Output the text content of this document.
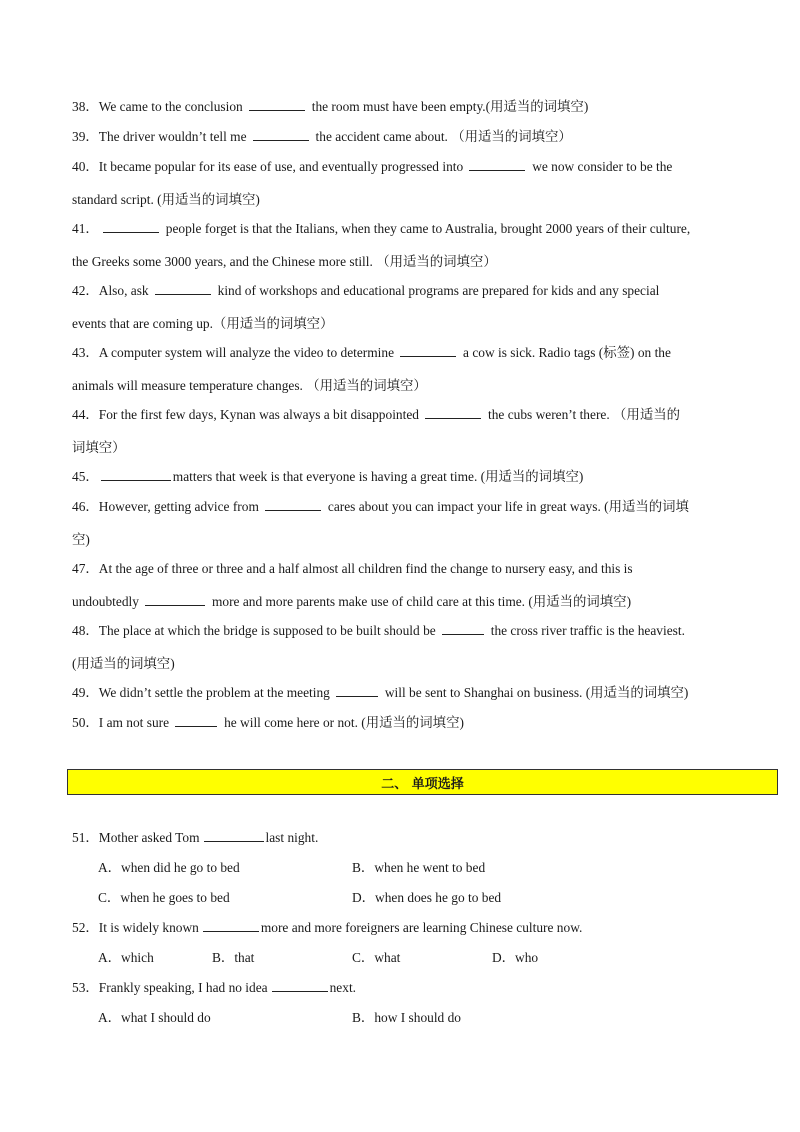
38．We came to the conclusion	the room must have been empty.(用适当的词填空)
39．The driver wouldn’t tell me	the accident came about. （用适当的词填空）
40．It became popular for its ease of use, and eventually progressed into	we now consider to be the
standard script. (用适当的词填空)
41．	people forget is that the Italians, when they came to Australia, brought 2000 years of their culture,
the Greeks some 3000 years, and the Chinese more still. （用适当的词填空）
42．Also, ask	kind of workshops and educational programs are prepared for kids and any special
events that are coming up.（用适当的词填空）
43．A computer system will analyze the video to determine	a cow is sick. Radio tags (标签) on the
animals will measure temperature changes. （用适当的词填空）
44．For the first few days, Kynan was always a bit disappointed	the cubs weren’t there. （用适当的
词填空）
45．	matters that week is that everyone is having a great time. (用适当的词填空)
46．However, getting advice from	cares about you can impact your life in great ways. (用适当的词填
空)
47．At the age of three or three and a half almost all children find the change to nursery easy, and this is
undoubtedly	more and more parents make use of child care at this time. (用适当的词填空)
48．The place at which the bridge is supposed to be built should be	the cross river traffic is the heaviest.
(用适当的词填空)
49．We didn’t settle the problem at the meeting	will be sent to Shanghai on business. (用适当的词填空)
50．I am not sure	he will come here or not. (用适当的词填空)
二、 单项选择
51．Mother asked Tom	last night.
A．when did he go to bed	B．when he went to bed
C．when he goes to bed	D．when does he go to bed
52．It is widely known	more and more foreigners are learning Chinese culture now.
A．which	B．that	C．what	D．who
53．Frankly speaking, I had no idea	next.
A．what I should do	B．how I should do
